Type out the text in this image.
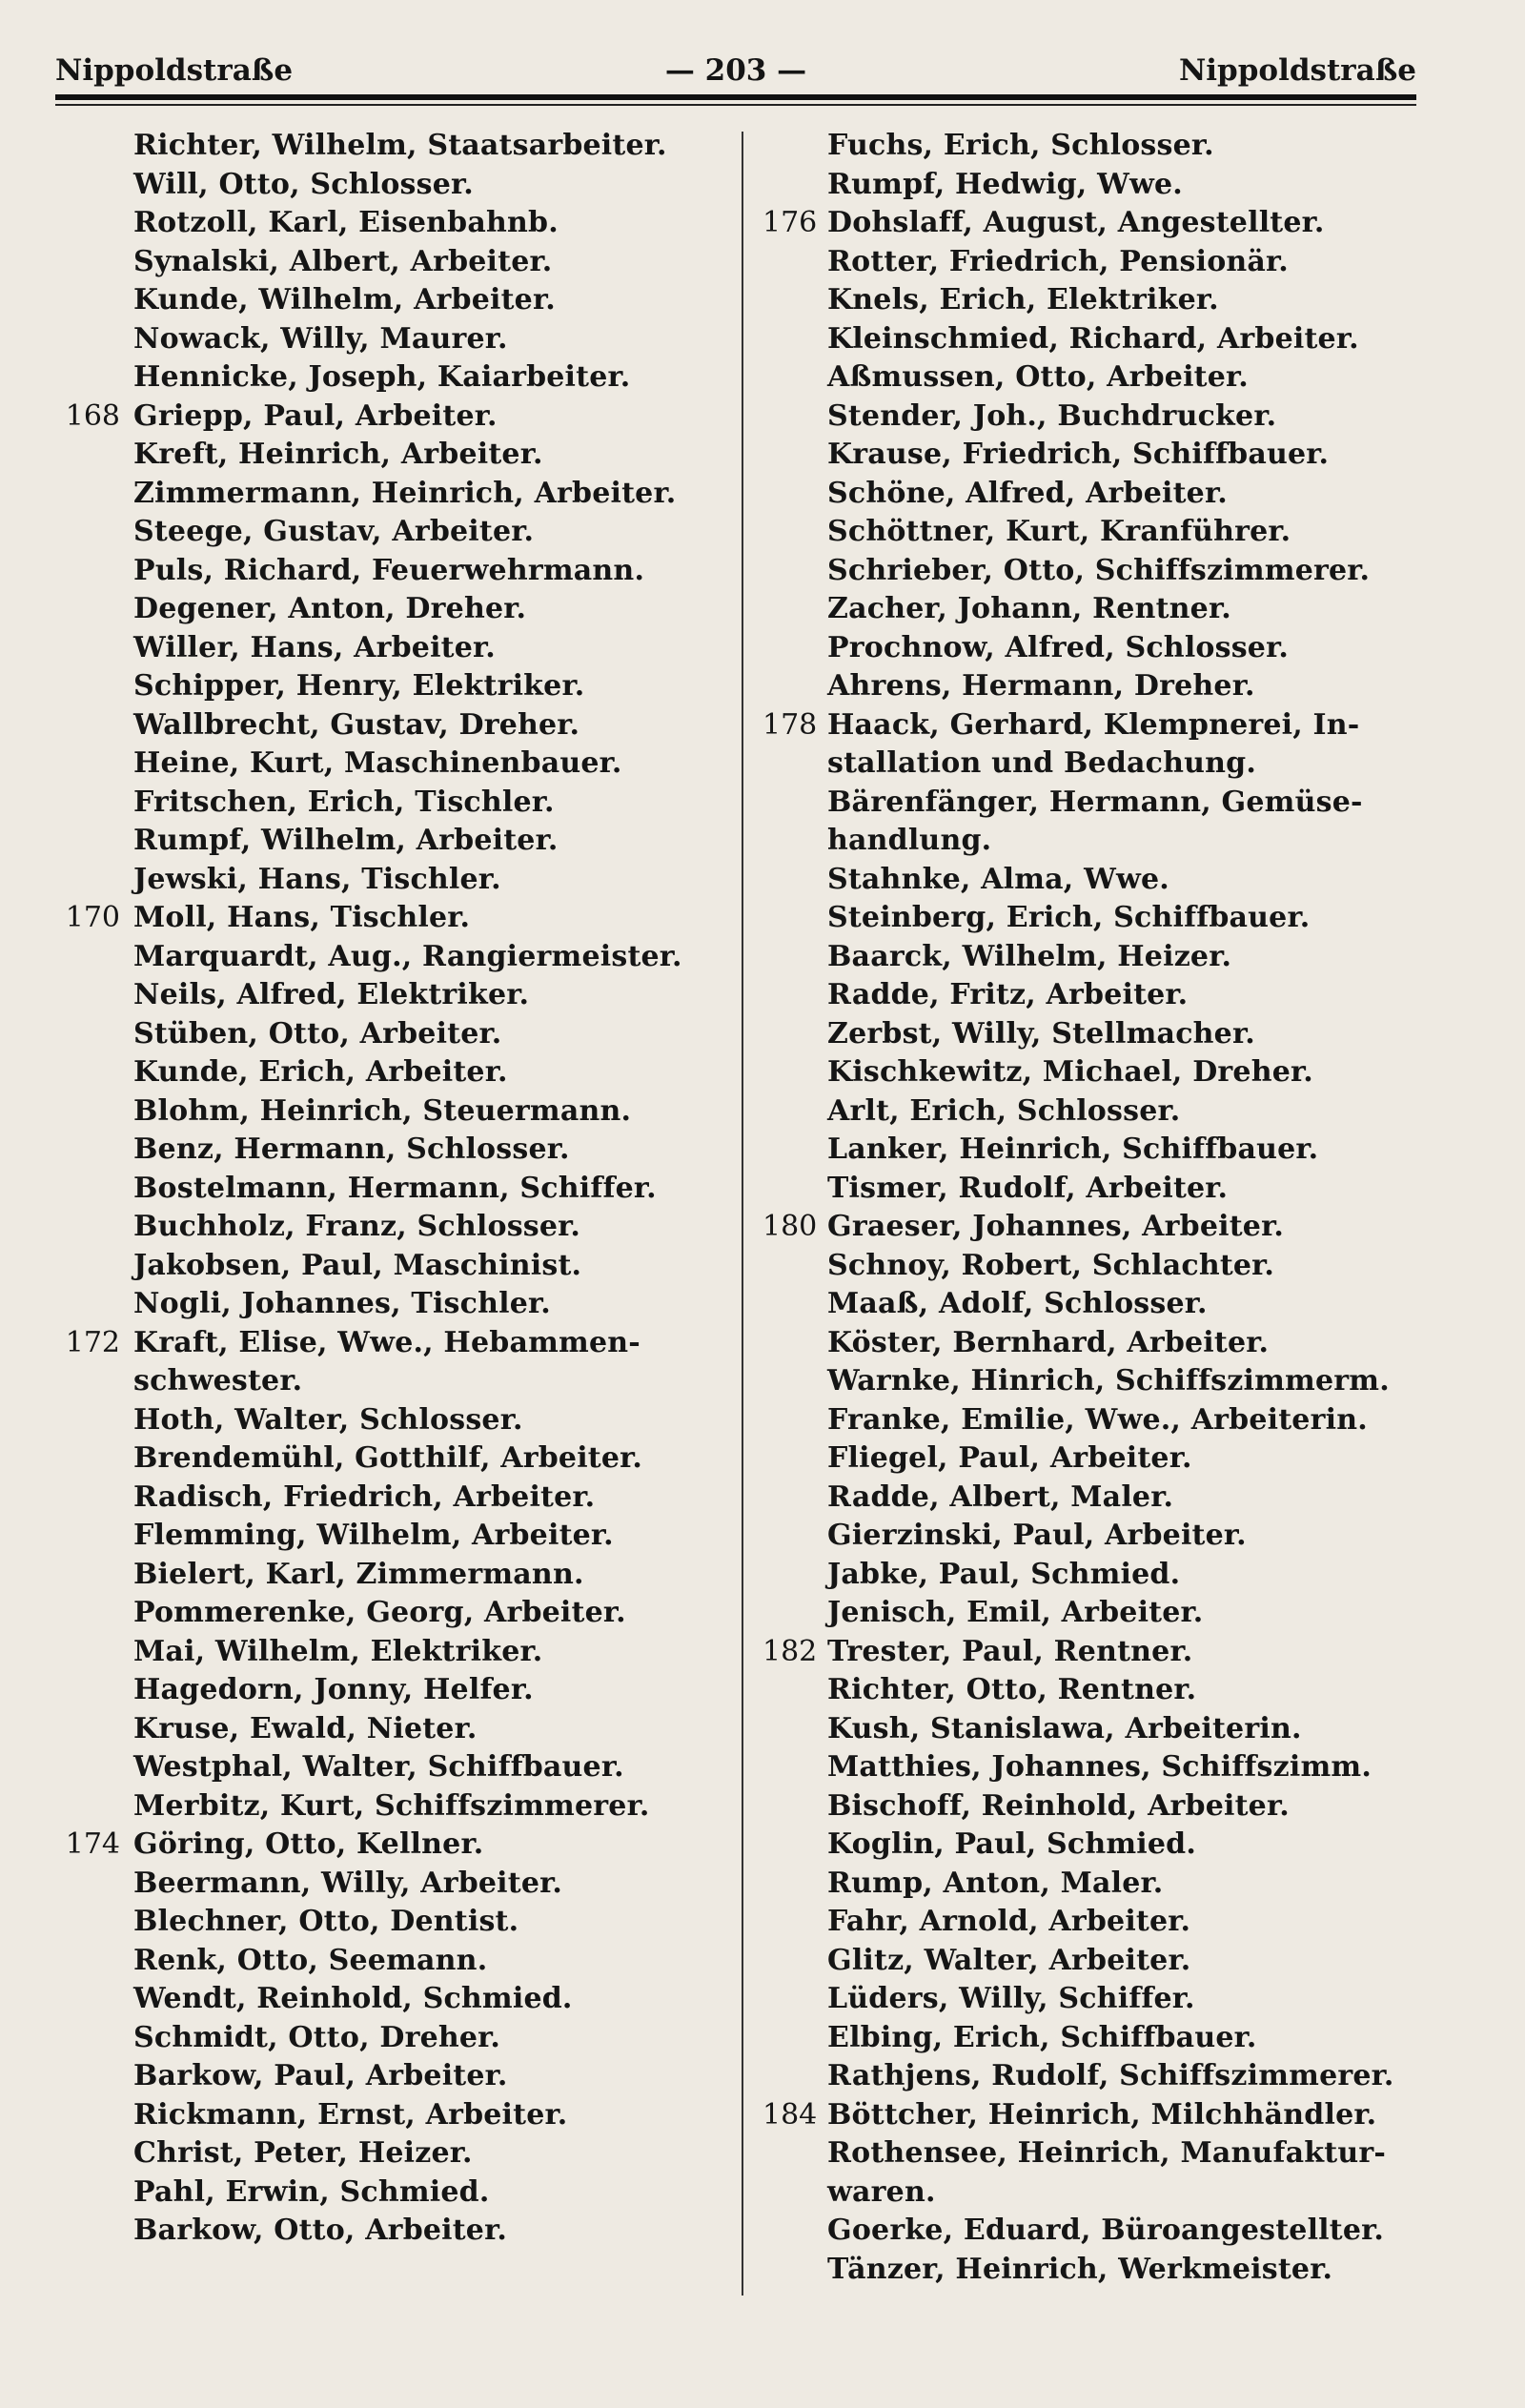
Nippoldstraße	— 203 —	Nippoldstraße
Richter, Wilhelm, Staatsarbeiter.
Will, Otto, Schlosser.
Rotzoll, Karl, Eisenbahnb.
Synalski, Albert, Arbeiter.
Kunde, Wilhelm, Arbeiter.
Nowack, Willy, Maurer.
Hennicke, Joseph, Kaiarbeiter.
168 Griepp, Paul, Arbeiter.
Kreft, Heinrich, Arbeiter.
Zimmermann, Heinrich, Arbeiter.
Steege, Gustav, Arbeiter.
Puls, Richard, Feuerwehrmann.
Degener, Anton, Dreher.
Willer, Hans, Arbeiter.
Schipper, Henry, Elektriker.
Wallbrecht, Gustav, Dreher.
Heine, Kurt, Maschinenbauer.
Fritschen, Erich, Tischler.
Rumpf, Wilhelm, Arbeiter.
Jewski, Hans, Tischler.
170 Moll, Hans, Tischler.
Marquardt, Aug., Rangiermeister.
Neils, Alfred, Elektriker.
Stüben, Otto, Arbeiter.
Kunde, Erich, Arbeiter.
Blohm, Heinrich, Steuermann.
Benz, Hermann, Schlosser.
Bostelmann, Hermann, Schiffer.
Buchholz, Franz, Schlosser.
Jakobsen, Paul, Maschinist.
Nogli, Johannes, Tischler.
172 Kraft, Elise, Wwe., Hebammen-
schwester.
Hoth, Walter, Schlosser.
Brendemühl, Gotthilf, Arbeiter.
Radisch, Friedrich, Arbeiter.
Flemming, Wilhelm, Arbeiter.
Bielert, Karl, Zimmermann.
Pommerenke, Georg, Arbeiter.
Mai, Wilhelm, Elektriker.
Hagedorn, Jonny, Helfer.
Kruse, Ewald, Nieter.
Westphal, Walter, Schiffbauer.
Merbitz, Kurt, Schiffszimmerer.
174 Göring, Otto, Kellner.
Beermann, Willy, Arbeiter.
Blechner, Otto, Dentist.
Renk, Otto, Seemann.
Wendt, Reinhold, Schmied.
Schmidt, Otto, Dreher.
Barkow, Paul, Arbeiter.
Rickmann, Ernst, Arbeiter.
Christ, Peter, Heizer.
Pahl, Erwin, Schmied.
Barkow, Otto, Arbeiter.
Fuchs, Erich, Schlosser.
Rumpf, Hedwig, Wwe.
176 Dohslaff, August, Angestellter.
Rotter, Friedrich, Pensionär.
Knels, Erich, Elektriker.
Kleinschmied, Richard, Arbeiter.
Aßmussen, Otto, Arbeiter.
Stender, Joh., Buchdrucker.
Krause, Friedrich, Schiffbauer.
Schöne, Alfred, Arbeiter.
Schöttner, Kurt, Kranführer.
Schrieber, Otto, Schiffszimmerer.
Zacher, Johann, Rentner.
Prochnow, Alfred, Schlosser.
Ahrens, Hermann, Dreher.
178 Haack, Gerhard, Klempnerei, In-
stallation und Bedachung.
Bärenfänger, Hermann, Gemüse-
handlung.
Stahnke, Alma, Wwe.
Steinberg, Erich, Schiffbauer.
Baarck, Wilhelm, Heizer.
Radde, Fritz, Arbeiter.
Zerbst, Willy, Stellmacher.
Kischkewitz, Michael, Dreher.
Arlt, Erich, Schlosser.
Lanker, Heinrich, Schiffbauer.
Tismer, Rudolf, Arbeiter.
180 Graeser, Johannes, Arbeiter.
Schnoy, Robert, Schlachter.
Maaß, Adolf, Schlosser.
Köster, Bernhard, Arbeiter.
Warnke, Hinrich, Schiffszimmerm.
Franke, Emilie, Wwe., Arbeiterin.
Fliegel, Paul, Arbeiter.
Radde, Albert, Maler.
Gierzinski, Paul, Arbeiter.
Jabke, Paul, Schmied.
Jenisch, Emil, Arbeiter.
182 Trester, Paul, Rentner.
Richter, Otto, Rentner.
Kush, Stanislawa, Arbeiterin.
Matthies, Johannes, Schiffszimm.
Bischoff, Reinhold, Arbeiter.
Koglin, Paul, Schmied.
Rump, Anton, Maler.
Fahr, Arnold, Arbeiter.
Glitz, Walter, Arbeiter.
Lüders, Willy, Schiffer.
Elbing, Erich, Schiffbauer.
Rathjens, Rudolf, Schiffszimmerer.
184 Böttcher, Heinrich, Milchhändler.
Rothensee, Heinrich, Manufaktur-
waren.
Goerke, Eduard, Büroangestellter.
Tänzer, Heinrich, Werkmeister.
